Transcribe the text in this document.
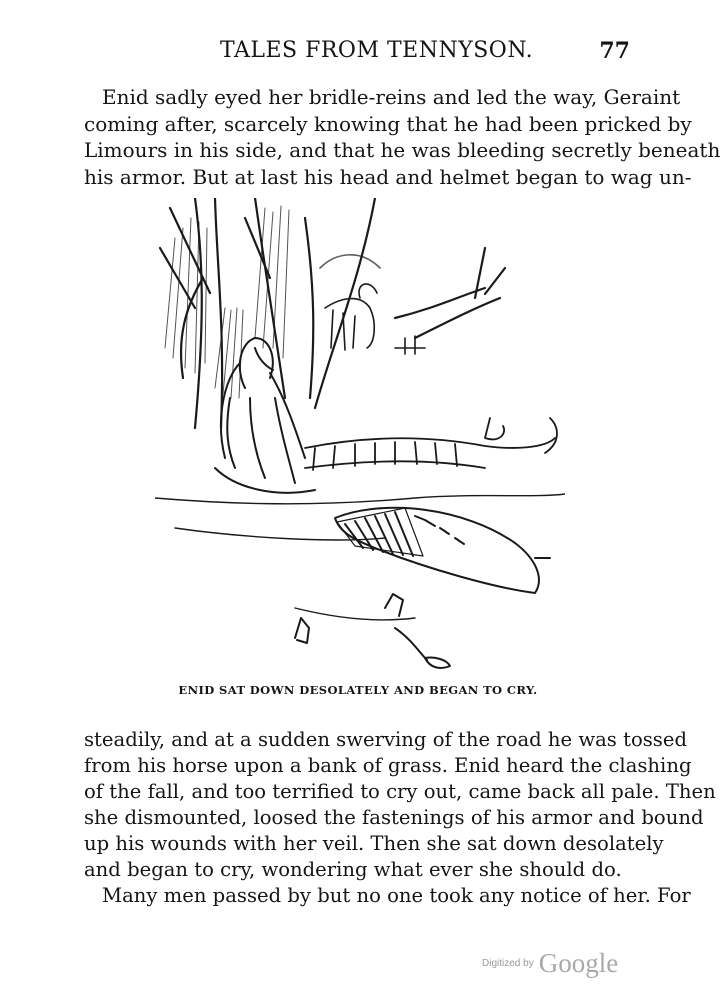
TALES FROM TENNYSON.	77
Enid sadly eyed her bridle-reins and led the way, Geraint
coming after, scarcely knowing that he had been pricked by
Limours in his side, and that he was bleeding secretly beneath
his armor. But at last his head and helmet began to wag un-
ENID SAT DOWN DESOLATELY AND BEGAN TO CRY.
steadily, and at a sudden swerving of the road he was tossed
from his horse upon a bank of grass. Enid heard the clashing
of the fall, and too terrified to cry out, came back all pale. Then
she dismounted, loosed the fastenings of his armor and bound
up his wounds with her veil. Then she sat down desolately
and began to cry, wondering what ever she should do.
Many men passed by but no one took any notice of her. For
Digitized by Google
